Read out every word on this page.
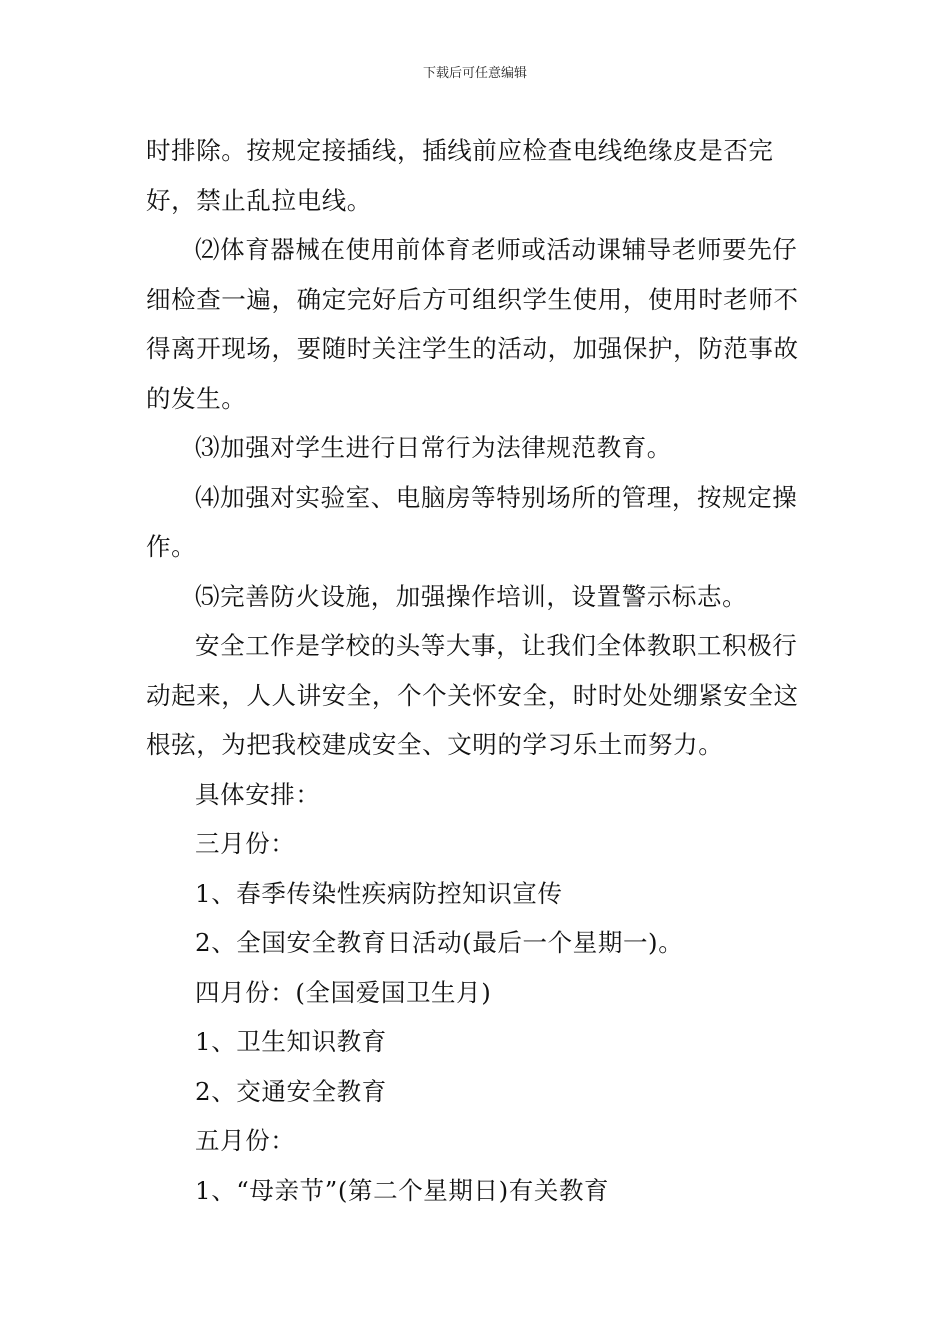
下载后可任意编辑

时排除。按规定接插线，插线前应检查电线绝缘皮是否完好，禁止乱拉电线。

⑵体育器械在使用前体育老师或活动课辅导老师要先仔细检查一遍，确定完好后方可组织学生使用，使用时老师不得离开现场，要随时关注学生的活动，加强保护，防范事故的发生。

⑶加强对学生进行日常行为法律规范教育。

⑷加强对实验室、电脑房等特别场所的管理，按规定操作。

⑸完善防火设施，加强操作培训，设置警示标志。

安全工作是学校的头等大事，让我们全体教职工积极行动起来，人人讲安全，个个关怀安全，时时处处绷紧安全这根弦，为把我校建成安全、文明的学习乐土而努力。

具体安排：

三月份：

1、春季传染性疾病防控知识宣传

2、全国安全教育日活动(最后一个星期一)。

四月份：(全国爱国卫生月)

1、卫生知识教育

2、交通安全教育

五月份：

1、“母亲节”(第二个星期日)有关教育
